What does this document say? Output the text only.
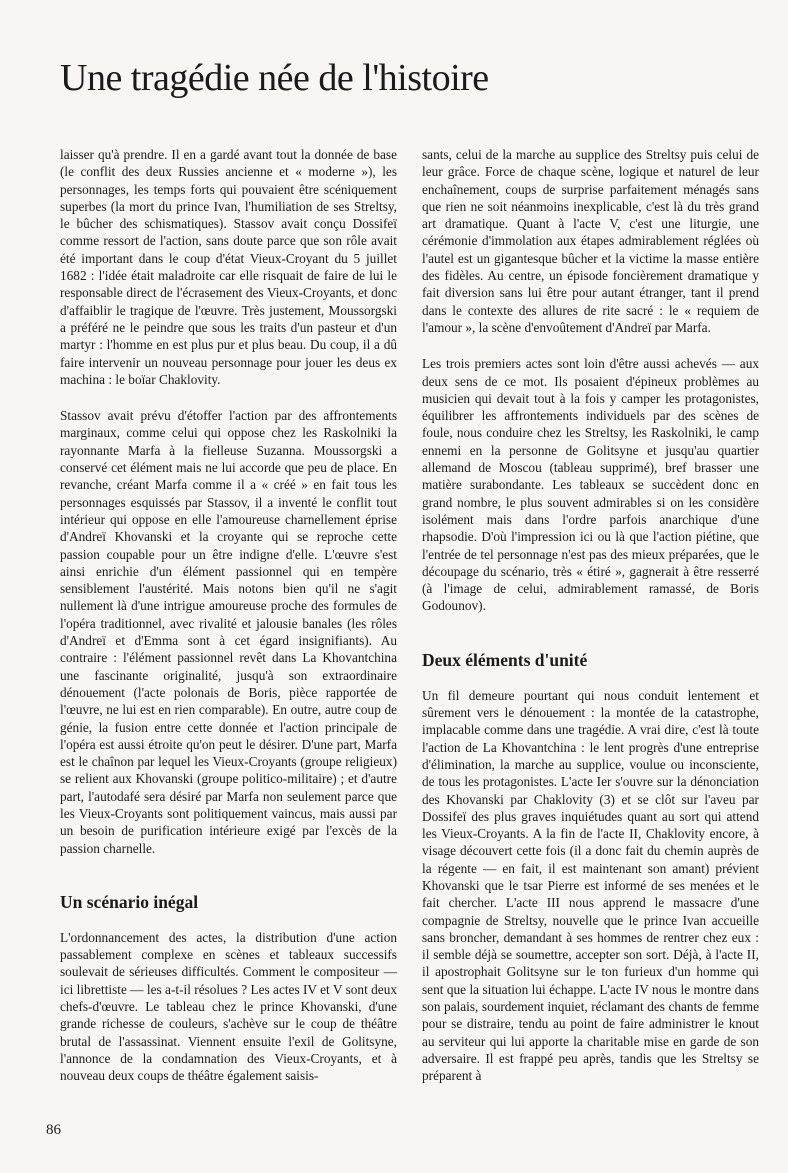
Une tragédie née de l'histoire

laisser qu'à prendre. Il en a gardé avant tout la donnée de base (le conflit des deux Russies ancienne et « moderne »), les personnages, les temps forts qui pouvaient être scéniquement superbes (la mort du prince Ivan, l'humiliation de ses Streltsy, le bûcher des schismatiques). Stassov avait conçu Dossifeï comme ressort de l'action, sans doute parce que son rôle avait été important dans le coup d'état Vieux-Croyant du 5 juillet 1682 : l'idée était maladroite car elle risquait de faire de lui le responsable direct de l'écrasement des Vieux-Croyants, et donc d'affaiblir le tragique de l'œuvre. Très justement, Moussorgski a préféré ne le peindre que sous les traits d'un pasteur et d'un martyr : l'homme en est plus pur et plus beau. Du coup, il a dû faire intervenir un nouveau personnage pour jouer les deus ex machina : le boïar Chaklovity.

Stassov avait prévu d'étoffer l'action par des affrontements marginaux, comme celui qui oppose chez les Raskolniki la rayonnante Marfa à la fielleuse Suzanna. Moussorgski a conservé cet élément mais ne lui accorde que peu de place. En revanche, créant Marfa comme il a « créé » en fait tous les personnages esquissés par Stassov, il a inventé le conflit tout intérieur qui oppose en elle l'amoureuse charnellement éprise d'Andreï Khovanski et la croyante qui se reproche cette passion coupable pour un être indigne d'elle. L'œuvre s'est ainsi enrichie d'un élément passionnel qui en tempère sensiblement l'austérité. Mais notons bien qu'il ne s'agit nullement là d'une intrigue amoureuse proche des formules de l'opéra traditionnel, avec rivalité et jalousie banales (les rôles d'Andreï et d'Emma sont à cet égard insignifiants). Au contraire : l'élément passionnel revêt dans La Khovantchina une fascinante originalité, jusqu'à son extraordinaire dénouement (l'acte polonais de Boris, pièce rapportée de l'œuvre, ne lui est en rien comparable). En outre, autre coup de génie, la fusion entre cette donnée et l'action principale de l'opéra est aussi étroite qu'on peut le désirer. D'une part, Marfa est le chaînon par lequel les Vieux-Croyants (groupe religieux) se relient aux Khovanski (groupe politico-militaire) ; et d'autre part, l'autodafé sera désiré par Marfa non seulement parce que les Vieux-Croyants sont politiquement vaincus, mais aussi par un besoin de purification intérieure exigé par l'excès de la passion charnelle.

Un scénario inégal

L'ordonnancement des actes, la distribution d'une action passablement complexe en scènes et tableaux successifs soulevait de sérieuses difficultés. Comment le compositeur — ici librettiste — les a-t-il résolues ? Les actes IV et V sont deux chefs-d'œuvre. Le tableau chez le prince Khovanski, d'une grande richesse de couleurs, s'achève sur le coup de théâtre brutal de l'assassinat. Viennent ensuite l'exil de Golitsyne, l'annonce de la condamnation des Vieux-Croyants, et à nouveau deux coups de théâtre également saisis-

sants, celui de la marche au supplice des Streltsy puis celui de leur grâce. Force de chaque scène, logique et naturel de leur enchaînement, coups de surprise parfaitement ménagés sans que rien ne soit néanmoins inexplicable, c'est là du très grand art dramatique. Quant à l'acte V, c'est une liturgie, une cérémonie d'immolation aux étapes admirablement réglées où l'autel est un gigantesque bûcher et la victime la masse entière des fidèles. Au centre, un épisode foncièrement dramatique y fait diversion sans lui être pour autant étranger, tant il prend dans le contexte des allures de rite sacré : le « requiem de l'amour », la scène d'envoûtement d'Andreï par Marfa.

Les trois premiers actes sont loin d'être aussi achevés — aux deux sens de ce mot. Ils posaient d'épineux problèmes au musicien qui devait tout à la fois y camper les protagonistes, équilibrer les affrontements individuels par des scènes de foule, nous conduire chez les Streltsy, les Raskolniki, le camp ennemi en la personne de Golitsyne et jusqu'au quartier allemand de Moscou (tableau supprimé), bref brasser une matière surabondante. Les tableaux se succèdent donc en grand nombre, le plus souvent admirables si on les considère isolément mais dans l'ordre parfois anarchique d'une rhapsodie. D'où l'impression ici ou là que l'action piétine, que l'entrée de tel personnage n'est pas des mieux préparées, que le découpage du scénario, très « étiré », gagnerait à être resserré (à l'image de celui, admirablement ramassé, de Boris Godounov).

Deux éléments d'unité

Un fil demeure pourtant qui nous conduit lentement et sûrement vers le dénouement : la montée de la catastrophe, implacable comme dans une tragédie. A vrai dire, c'est là toute l'action de La Khovantchina : le lent progrès d'une entreprise d'élimination, la marche au supplice, voulue ou inconsciente, de tous les protagonistes. L'acte Ier s'ouvre sur la dénonciation des Khovanski par Chaklovity (3) et se clôt sur l'aveu par Dossifeï des plus graves inquiétudes quant au sort qui attend les Vieux-Croyants. A la fin de l'acte II, Chaklovity encore, à visage découvert cette fois (il a donc fait du chemin auprès de la régente — en fait, il est maintenant son amant) prévient Khovanski que le tsar Pierre est informé de ses menées et le fait chercher. L'acte III nous apprend le massacre d'une compagnie de Streltsy, nouvelle que le prince Ivan accueille sans broncher, demandant à ses hommes de rentrer chez eux : il semble déjà se soumettre, accepter son sort. Déjà, à l'acte II, il apostrophait Golitsyne sur le ton furieux d'un homme qui sent que la situation lui échappe. L'acte IV nous le montre dans son palais, sourdement inquiet, réclamant des chants de femme pour se distraire, tendu au point de faire administrer le knout au serviteur qui lui apporte la charitable mise en garde de son adversaire. Il est frappé peu après, tandis que les Streltsy se préparent à

86
